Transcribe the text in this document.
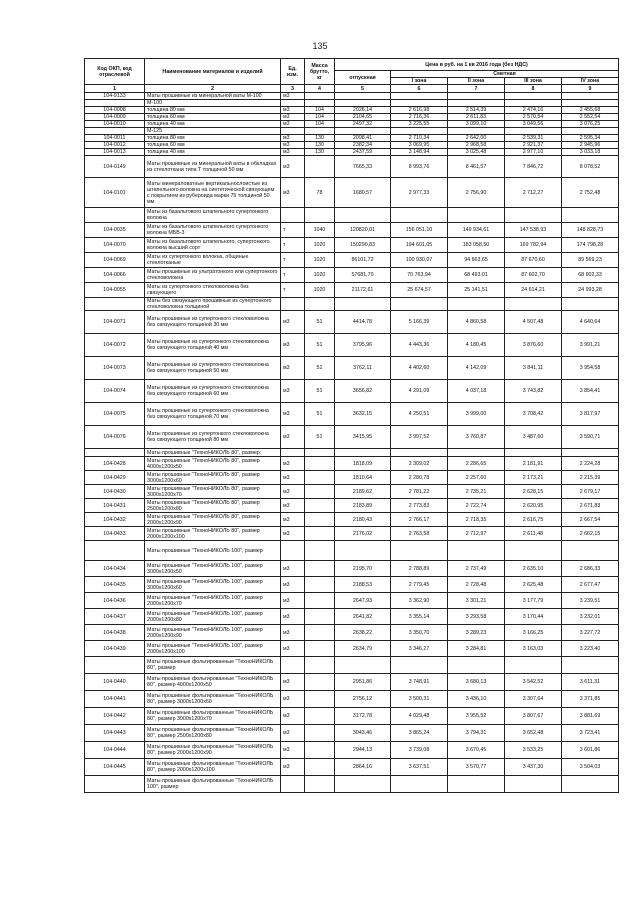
135
Код ОКП, код отраслевой	Наименование материалов и изделий	Ед. изм.	Масса брутто, кг	Цена в руб. на 1 кв 2016 года (без НДС)				
				отпускная	Сметная			
					I зона	II зона	III зона	IV зона
1	2	3	4	5	6	7	8	9
104-9133	Маты прошивные из минеральной ваты М-100	м3						
	М-100							
104-0008	толщина 80 мм	м3	104	2026,14	2 616,98	2 514,39	2 474,16	2 455,68
104-0009	толщина 60 мм	м3	104	2104,65	2 716,36	2 611,83	2 570,54	2 552,54
104-0010	толщина 40 мм	м3	104	2497,32	3 225,55	3 099,10	3 049,56	3 076,25
	М-125							
104-0011	толщина 80 мм	м3	130	2098,41	2 710,34	2 642,00	2 539,31	2 595,34
104-0012	толщина 60 мм	м3	130	2382,34	3 069,95	2 968,58	2 921,37	2 945,96
104-0013	толщина 40 мм	м3	130	2437,59	3 148,94	3 025,48	2 977,10	3 033,18
104-0149	Маты прошивные из минеральной ваты в обкладках из стеклоткани типа Т толщиной 50 мм	м3		7665,33	8 993,76	8 461,57	7 846,72	8 078,52
104-0101	Маты минераловатные вертикальнослоистые из штапельного волокна на синтетической связующем с покрытием из рубероида марки 75 толщиной 50 мм	м3	78	1680,57	2 977,33	2 756,90	2 712,27	2 752,48
	Маты из базальтового штапельного супертонкого волокна							
104-0035	Маты из базальтового штапельного супертонкого волокна МБВ-3	т	1040	120820,01	156 051,10	149 934,61	147 538,93	148 828,73
104-0070	Маты из базальтового штапельного, супертонкого волокна высший сорт	т	1020	150290,83	194 601,05	183 058,50	169 782,94	174 798,28
104-0069	Маты из супертонкого волокна, общиные стеклотканые	т	1020	86101,72	100 930,07	94 663,65	87 670,60	89 569,23
104-0066	Маты прошивные из ультратонкого или супертонкого стекловолокна	т	1020	57681,70	70 763,94	68 493,01	87 602,70	68 902,33
104-0055	Маты из супертонкого стекловолокна без связующего	т	1020	21172,61	25 674,57	25 141,51	24 614,21	24 993,28
	Маты без связующего прошивные из супертонкого стекловолокна толщиной							
104-0071	Маты прошивные из супертонкого стекловолокна без связующего толщиной 30 мм	м3	51	4414,78	5 166,39	4 860,58	4 507,48	4 640,64
104-0072	Маты прошивные из супертонкого стекловолокна без связующего толщиной 40 мм	м3	51	3795,96	4 443,36	4 180,45	3 876,60	3 991,21
104-0073	Маты прошивные из супертонкого стекловолокна без связующего толщиной 50 мм	м3	51	3762,11	4 402,60	4 142,09	3 841,11	3 954,58
104-0074	Маты прошивные из супертонкого стекловолокна без связующего толщиной 60 мм	м3	51	3656,82	4 291,09	4 037,18	3 743,82	3 854,41
104-0075	Маты прошивные из супертонкого стекловолокна без связующего толщиной 70 мм	м3	51	3632,15	4 250,51	3 999,00	3 708,42	3 817,97
104-0076	Маты прошивные из супертонкого стекловолокна без связующего толщиной 80 мм	м3	51	3415,95	3 997,52	3 760,87	3 487,60	3 590,71
	Маты прошивные "ТехноНИКОЛЬ 80", размер:							
104-0428	Маты прошивные "ТехноНИКОЛЬ 80", размер 4000х1200х50	м3		1818,09	2 309,02	2 286,65	2 181,91	2 224,28
104-0429	Маты прошивные "ТехноНИКОЛЬ 80", размер 3000х1200х60	м3		1810,64	2 280,78	2 257,60	2 173,21	2 215,39
104-0430	Маты прошивные "ТехноНИКОЛЬ 80", размер 3000х1200х70	м3		2189,62	2 781,22	2 735,21	2 628,15	2 679,17
104-0431	Маты прошивные "ТехноНИКОЛЬ 80", размер 2500х1200х80	м3		2183,89	2 773,83	2 722,74	2 620,95	2 671,83
104-0432	Маты прошивные "ТехноНИКОЛЬ 80", размер 2000х1200х90	м3		2180,43	2 766,17	2 718,35	2 616,75	2 667,54
104-0433	Маты прошивные "ТехноНИКОЛЬ 80", размер 2000х1200х100	м3		2176,02	2 763,58	2 712,97	2 611,48	2 662,15
	Маты прошивные "ТехноНИКОЛЬ 100", размер							
104-0434	Маты прошивные "ТехноНИКОЛЬ 100", размер 3000х1200х50	м3		2195,70	2 788,89	2 737,49	2 635,10	2 686,33
104-0435	Маты прошивные "ТехноНИКОЛЬ 100", размер 3000х1200х60	м3		2188,53	2 779,45	2 728,48	2 625,48	2 677,47
104-0436	Маты прошивные "ТехноНИКОЛЬ 100", размер 2000х1200х70	м3		2647,93	3 362,90	3 301,21	3 177,79	3 239,51
104-0437	Маты прошивные "ТехноНИКОЛЬ 100", размер 2000х1200х80	м3		2641,82	3 355,14	3 293,58	3 170,44	3 232,01
104-0438	Маты прошивные "ТехноНИКОЛЬ 100", размер 2000х1200х90	м3		2638,22	3 350,70	3 289,23	3 166,25	3 227,72
104-0439	Маты прошивные "ТехноНИКОЛЬ 100", размер 2000х1200х100	м3		2634,79	3 346,27	3 284,81	3 163,03	3 223,40
	Маты прошивные фольгированные "ТехноНИКОЛЬ 80", размер							
104-0440	Маты прошивные фольгированные "ТехноНИКОЛЬ 80", размер 4000х1200х50	м3		2951,86	3 748,91	3 680,13	3 542,52	3 611,31
104-0441	Маты прошивные фольгированные "ТехноНИКОЛЬ 80", размер 3000х1200х60	м3		2756,12	3 500,31	3 436,10	3 307,64	3 371,85
104-0442	Маты прошивные фольгированные "ТехноНИКОЛЬ 80", размер 3000х1200х70	м3		3172,78	4 029,48	3 955,52	3 807,67	3 881,69
104-0443	Маты прошивные фольгированные "ТехноНИКОЛЬ 80", размер 2500х1200х80	м3		3043,46	3 865,24	3 794,31	3 652,48	3 723,41
104-0444	Маты прошивные фольгированные "ТехноНИКОЛЬ 80", размер 2000х1200х90	м3		2944,13	3 739,08	3 670,45	3 533,25	3 601,86
104-0445	Маты прошивные фольгированные "ТехноНИКОЛЬ 80", размер 2000х1200х100	м3		2864,16	3 637,51	3 570,77	3 437,30	3 504,03
	Маты прошивные фольгированные "ТехноНИКОЛЬ 100", размер							
